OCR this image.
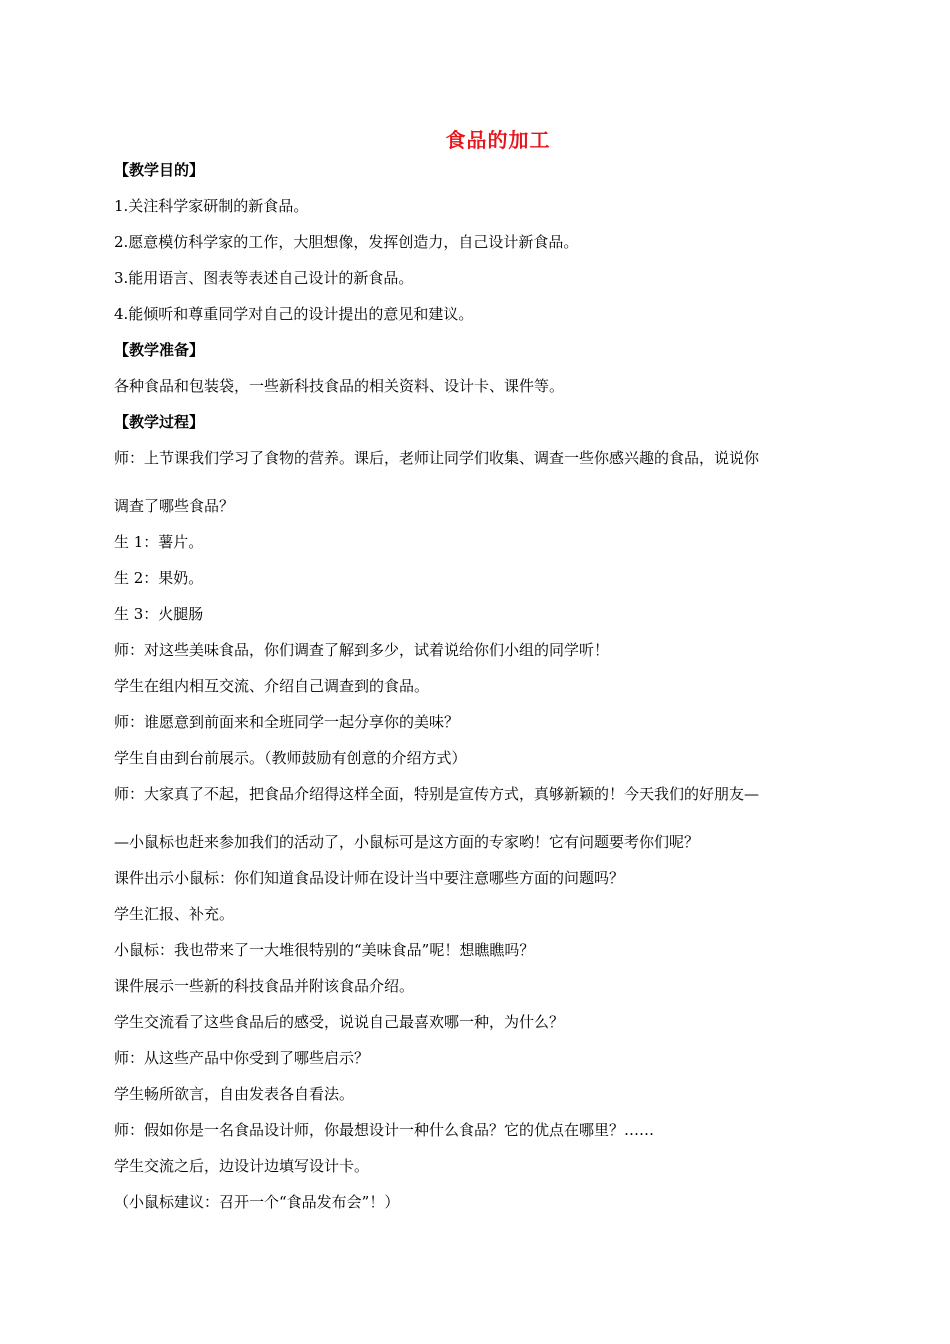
食品的加工

【教学目的】

1.关注科学家研制的新食品。

2.愿意模仿科学家的工作，大胆想像，发挥创造力，自己设计新食品。

3.能用语言、图表等表述自己设计的新食品。

4.能倾听和尊重同学对自己的设计提出的意见和建议。

【教学准备】

各种食品和包装袋，一些新科技食品的相关资料、设计卡、课件等。

【教学过程】

师：上节课我们学习了食物的营养。课后，老师让同学们收集、调查一些你感兴趣的食品，说说你

调查了哪些食品？

生 1：薯片。

生 2：果奶。

生 3：火腿肠

师：对这些美味食品，你们调查了解到多少，试着说给你们小组的同学听！

学生在组内相互交流、介绍自己调查到的食品。

师：谁愿意到前面来和全班同学一起分享你的美味？

学生自由到台前展示。（教师鼓励有创意的介绍方式）

师：大家真了不起，把食品介绍得这样全面，特别是宣传方式，真够新颖的！今天我们的好朋友—

—小鼠标也赶来参加我们的活动了，小鼠标可是这方面的专家哟！它有问题要考你们呢？

课件出示小鼠标：你们知道食品设计师在设计当中要注意哪些方面的问题吗？

学生汇报、补充。

小鼠标：我也带来了一大堆很特别的“美味食品”呢！想瞧瞧吗？

课件展示一些新的科技食品并附该食品介绍。

学生交流看了这些食品后的感受，说说自己最喜欢哪一种，为什么？

师：从这些产品中你受到了哪些启示？

学生畅所欲言，自由发表各自看法。

师：假如你是一名食品设计师，你最想设计一种什么食品？它的优点在哪里？……

学生交流之后，边设计边填写设计卡。

（小鼠标建议：召开一个“食品发布会”！）
